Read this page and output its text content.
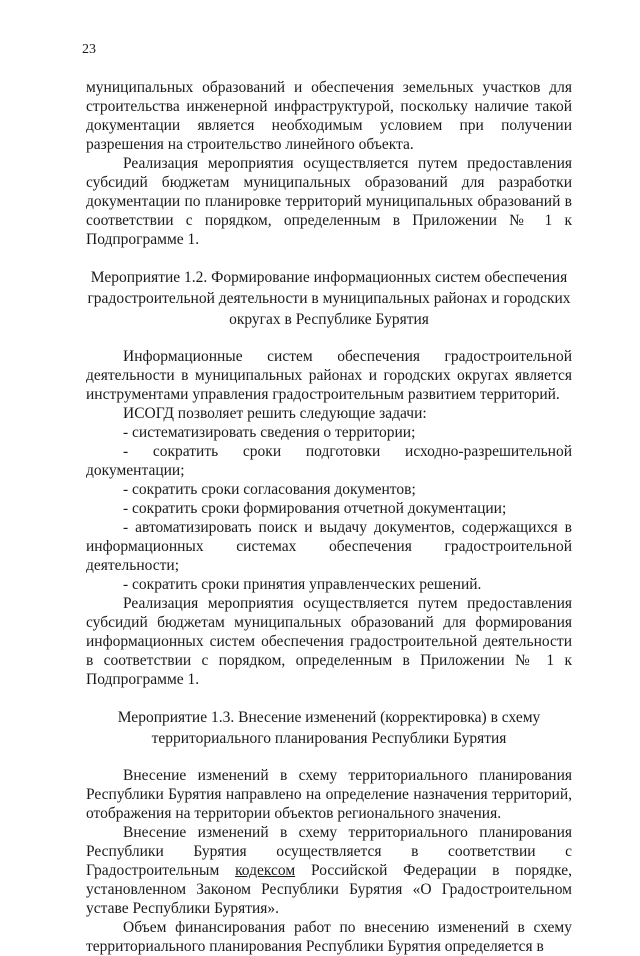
23

муниципальных образований и обеспечения земельных участков для строительства инженерной инфраструктурой, поскольку наличие такой документации является необходимым условием при получении разрешения на строительство линейного объекта.

Реализация мероприятия осуществляется путем предоставления субсидий бюджетам муниципальных образований для разработки документации по планировке территорий муниципальных образований в соответствии с порядком, определенным в Приложении № 1 к Подпрограмме 1.

Мероприятие 1.2. Формирование информационных систем обеспечения градостроительной деятельности в муниципальных районах и городских округах в Республике Бурятия

Информационные систем обеспечения градостроительной деятельности в муниципальных районах и городских округах является инструментами управления градостроительным развитием территорий.

ИСОГД позволяет решить следующие задачи:

- систематизировать сведения о территории;

- сократить сроки подготовки исходно-разрешительной документации;

- сократить сроки согласования документов;

- сократить сроки формирования отчетной документации;

- автоматизировать поиск и выдачу документов, содержащихся в информационных системах обеспечения градостроительной деятельности;

- сократить сроки принятия управленческих решений.

Реализация мероприятия осуществляется путем предоставления субсидий бюджетам муниципальных образований для формирования информационных систем обеспечения градостроительной деятельности в соответствии с порядком, определенным в Приложении № 1 к Подпрограмме 1.

Мероприятие 1.3. Внесение изменений (корректировка) в схему территориального планирования Республики Бурятия

Внесение изменений в схему территориального планирования Республики Бурятия направлено на определение назначения территорий, отображения на территории объектов регионального значения.

Внесение изменений в схему территориального планирования Республики Бурятия осуществляется в соответствии с Градостроительным кодексом Российской Федерации в порядке, установленном Законом Республики Бурятия «О Градостроительном уставе Республики Бурятия».

Объем финансирования работ по внесению изменений в схему территориального планирования Республики Бурятия определяется в
